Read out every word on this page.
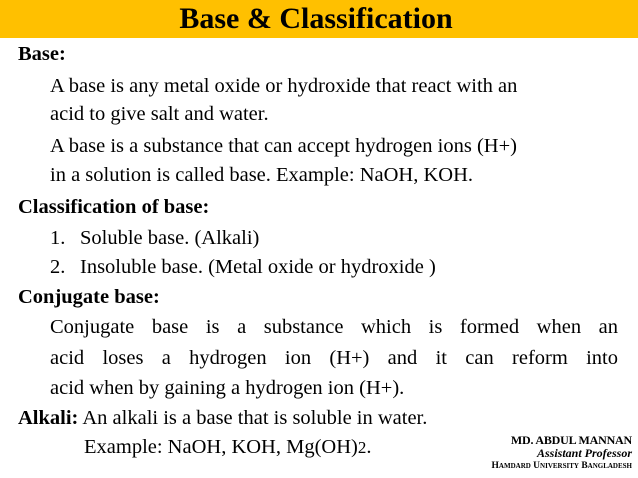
Base & Classification
Base:
A base is any metal oxide or hydroxide that react with an
acid to give salt and water.
A base is a substance that can accept hydrogen ions (H+)
in a solution is called base. Example: NaOH, KOH.
Classification of base:
1. Soluble base. (Alkali)
2. Insoluble base. (Metal oxide or hydroxide )
Conjugate base:
Conjugate base is a substance which is formed when an
acid loses a hydrogen ion (H+) and it can reform into
acid when by gaining a hydrogen ion (H+).
Alkali: An alkali is a base that is soluble in water.
Example: NaOH, KOH, Mg(OH)2.	MD. ABDUL MANNAN
Assistant Professor
Hamdard University Bangladesh
